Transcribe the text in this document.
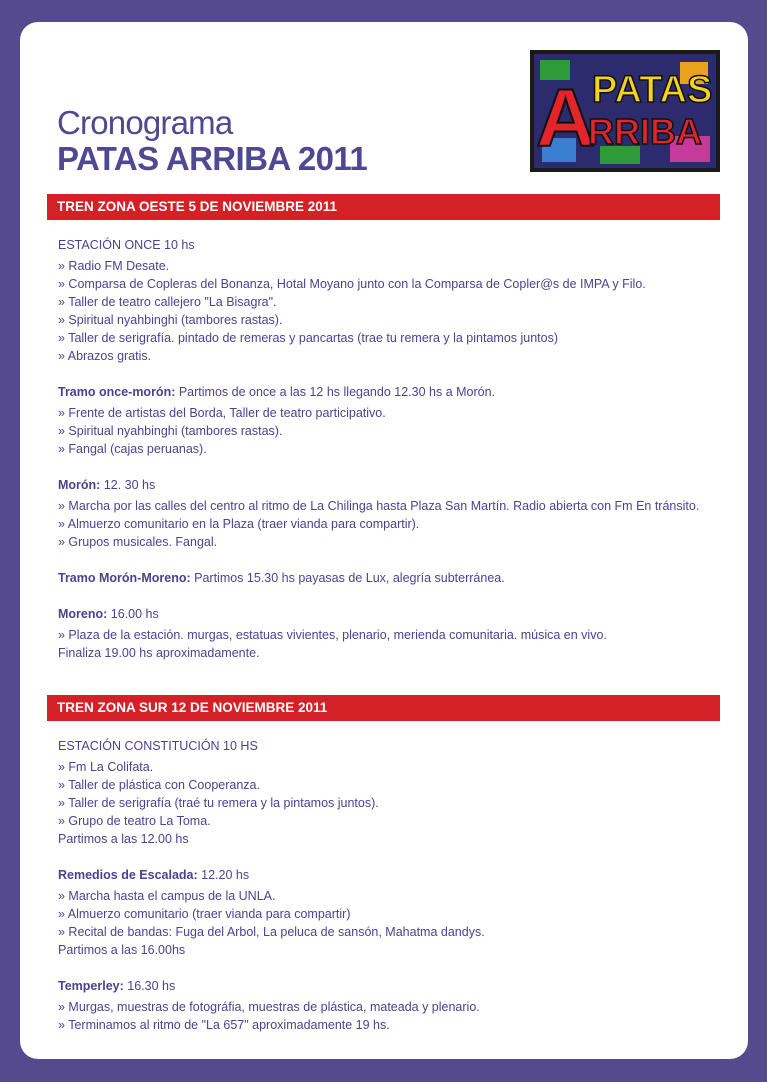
Cronograma
PATAS ARRIBA 2011 A
PATAS
RRIBA
TREN ZONA OESTE 5 DE NOVIEMBRE 2011
ESTACIÓN ONCE 10 hs
» Radio FM Desate.
» Comparsa de Copleras del Bonanza, Hotal Moyano junto con la Comparsa de Copler@s de IMPA y Filo.
» Taller de teatro callejero "La Bisagra".
» Spiritual nyahbinghi (tambores rastas).
» Taller de serigrafía. pintado de remeras y pancartas (trae tu remera y la pintamos juntos)
» Abrazos gratis.
Tramo once-morón: Partimos de once a las 12 hs llegando 12.30 hs a Morón.
» Frente de artistas del Borda, Taller de teatro participativo.
» Spiritual nyahbinghi (tambores rastas).
» Fangal (cajas peruanas).
Morón: 12. 30 hs
» Marcha por las calles del centro al ritmo de La Chilinga hasta Plaza San Martín. Radio abierta con Fm En tránsito.
» Almuerzo comunitario en la Plaza (traer vianda para compartir).
» Grupos musicales. Fangal.
Tramo Morón-Moreno: Partimos 15.30 hs payasas de Lux, alegría subterránea.
Moreno: 16.00 hs
» Plaza de la estación. murgas, estatuas vivientes, plenario, merienda comunitaria. música en vivo.
Finaliza 19.00 hs aproximadamente.
TREN ZONA SUR 12 DE NOVIEMBRE 2011
ESTACIÓN CONSTITUCIÓN 10 HS
» Fm La Colifata.
» Taller de plástica con Cooperanza.
» Taller de serigrafía (traé tu remera y la pintamos juntos).
» Grupo de teatro La Toma.
Partimos a las 12.00 hs
Remedios de Escalada: 12.20 hs
» Marcha hasta el campus de la UNLA.
» Almuerzo comunitario (traer vianda para compartir)
» Recital de bandas: Fuga del Arbol, La peluca de sansón, Mahatma dandys.
Partimos a las 16.00hs
Temperley: 16.30 hs
» Murgas, muestras de fotográfia, muestras de plástica, mateada y plenario.
» Terminamos al ritmo de "La 657" aproximadamente 19 hs.
